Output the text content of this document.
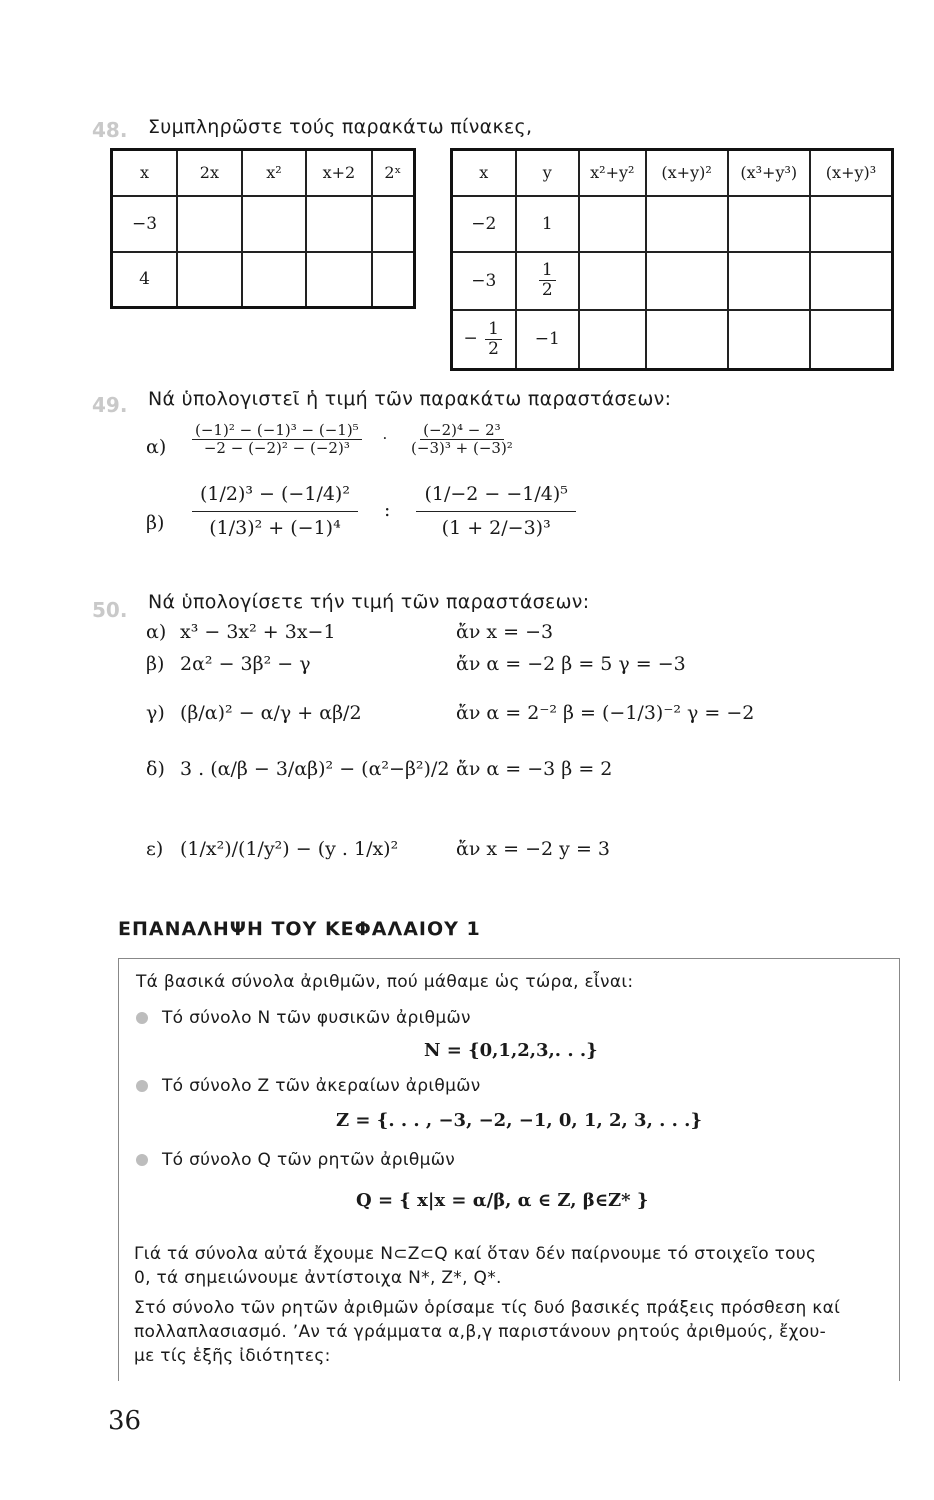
48. Συμπληρῶστε τούς παρακάτω πίνακες,
x	2x	x²	x+2	2ˣ
−3				
4				
x	y	x²+y²	(x+y)²	(x³+y³)	(x+y)³
−2	1				
−3	$\frac{1}{2}$

− $\frac{1}{2}$	−1				
49. Νά ὑπολογιστεῖ ἡ τιμή τῶν παρακάτω παραστάσεων:
$\alpha) \frac{\text{(−1)² − (−1)³ − (−1)⁵}}{\text{−2 − (−2)² − (−2)³}} \cdot \frac{\text{(−2)⁴ − 2³}}{\text{(−3)³ + (−3)²}}$
$\beta) \frac{\text{(1/2)³ − (−1/4)²}}{\text{(1/3)² + (−1)⁴}}$ : $\frac{\text{(1/−2 − −1/4)⁵}}{\text{(1 + 2/−3)³}}$
50. Νά ὑπολογίσετε τήν τιμή τῶν παραστάσεων:
α) x³ − 3x² + 3x−1	ἄν x = −3
β) 2α² − 3β² − γ	ἄν α = −2 β = 5 γ = −3
γ) (β/α)² − α/γ + αβ/2	ἄν α = 2⁻² β = (−1/3)⁻² γ = −2
δ) 3 . (α/β − 3/αβ)² − (α²−β²)/2 ἄν α = −3 β = 2
ε) (1/x²)/(1/y²) − (y . 1/x)²	ἄν x = −2 y = 3
ΕΠΑΝΑΛΗΨΗ ΤΟΥ ΚΕΦΑΛΑΙΟΥ 1
Τά βασικά σύνολα ἀριθμῶν, πού μάθαμε ὡς τώρα, εἶναι:
Τό σύνολο N τῶν φυσικῶν ἀριθμῶν
N = {0,1,2,3,. . .}
Τό σύνολο Z τῶν ἀκεραίων ἀριθμῶν
Z = {. . . , −3, −2, −1, 0, 1, 2, 3, . . .}
Τό σύνολο Q τῶν ρητῶν ἀριθμῶν
Q = { x|x = α/β, α ∈ Z, β∈Z* }
Γιά τά σύνολα αὐτά ἔχουμε N⊂Z⊂Q καί ὅταν δέν παίρνουμε τό στοιχεῖο τους
0, τά σημειώνουμε ἀντίστοιχα N*, Z*, Q*.
Στό σύνολο τῶν ρητῶν ἀριθμῶν ὁρίσαμε τίς δυό βασικές πράξεις πρόσθεση καί
πολλαπλασιασμό. ʼΑν τά γράμματα α,β,γ παριστάνουν ρητούς ἀριθμούς, ἔχου-
με τίς ἑξῆς ἰδιότητες:
36
